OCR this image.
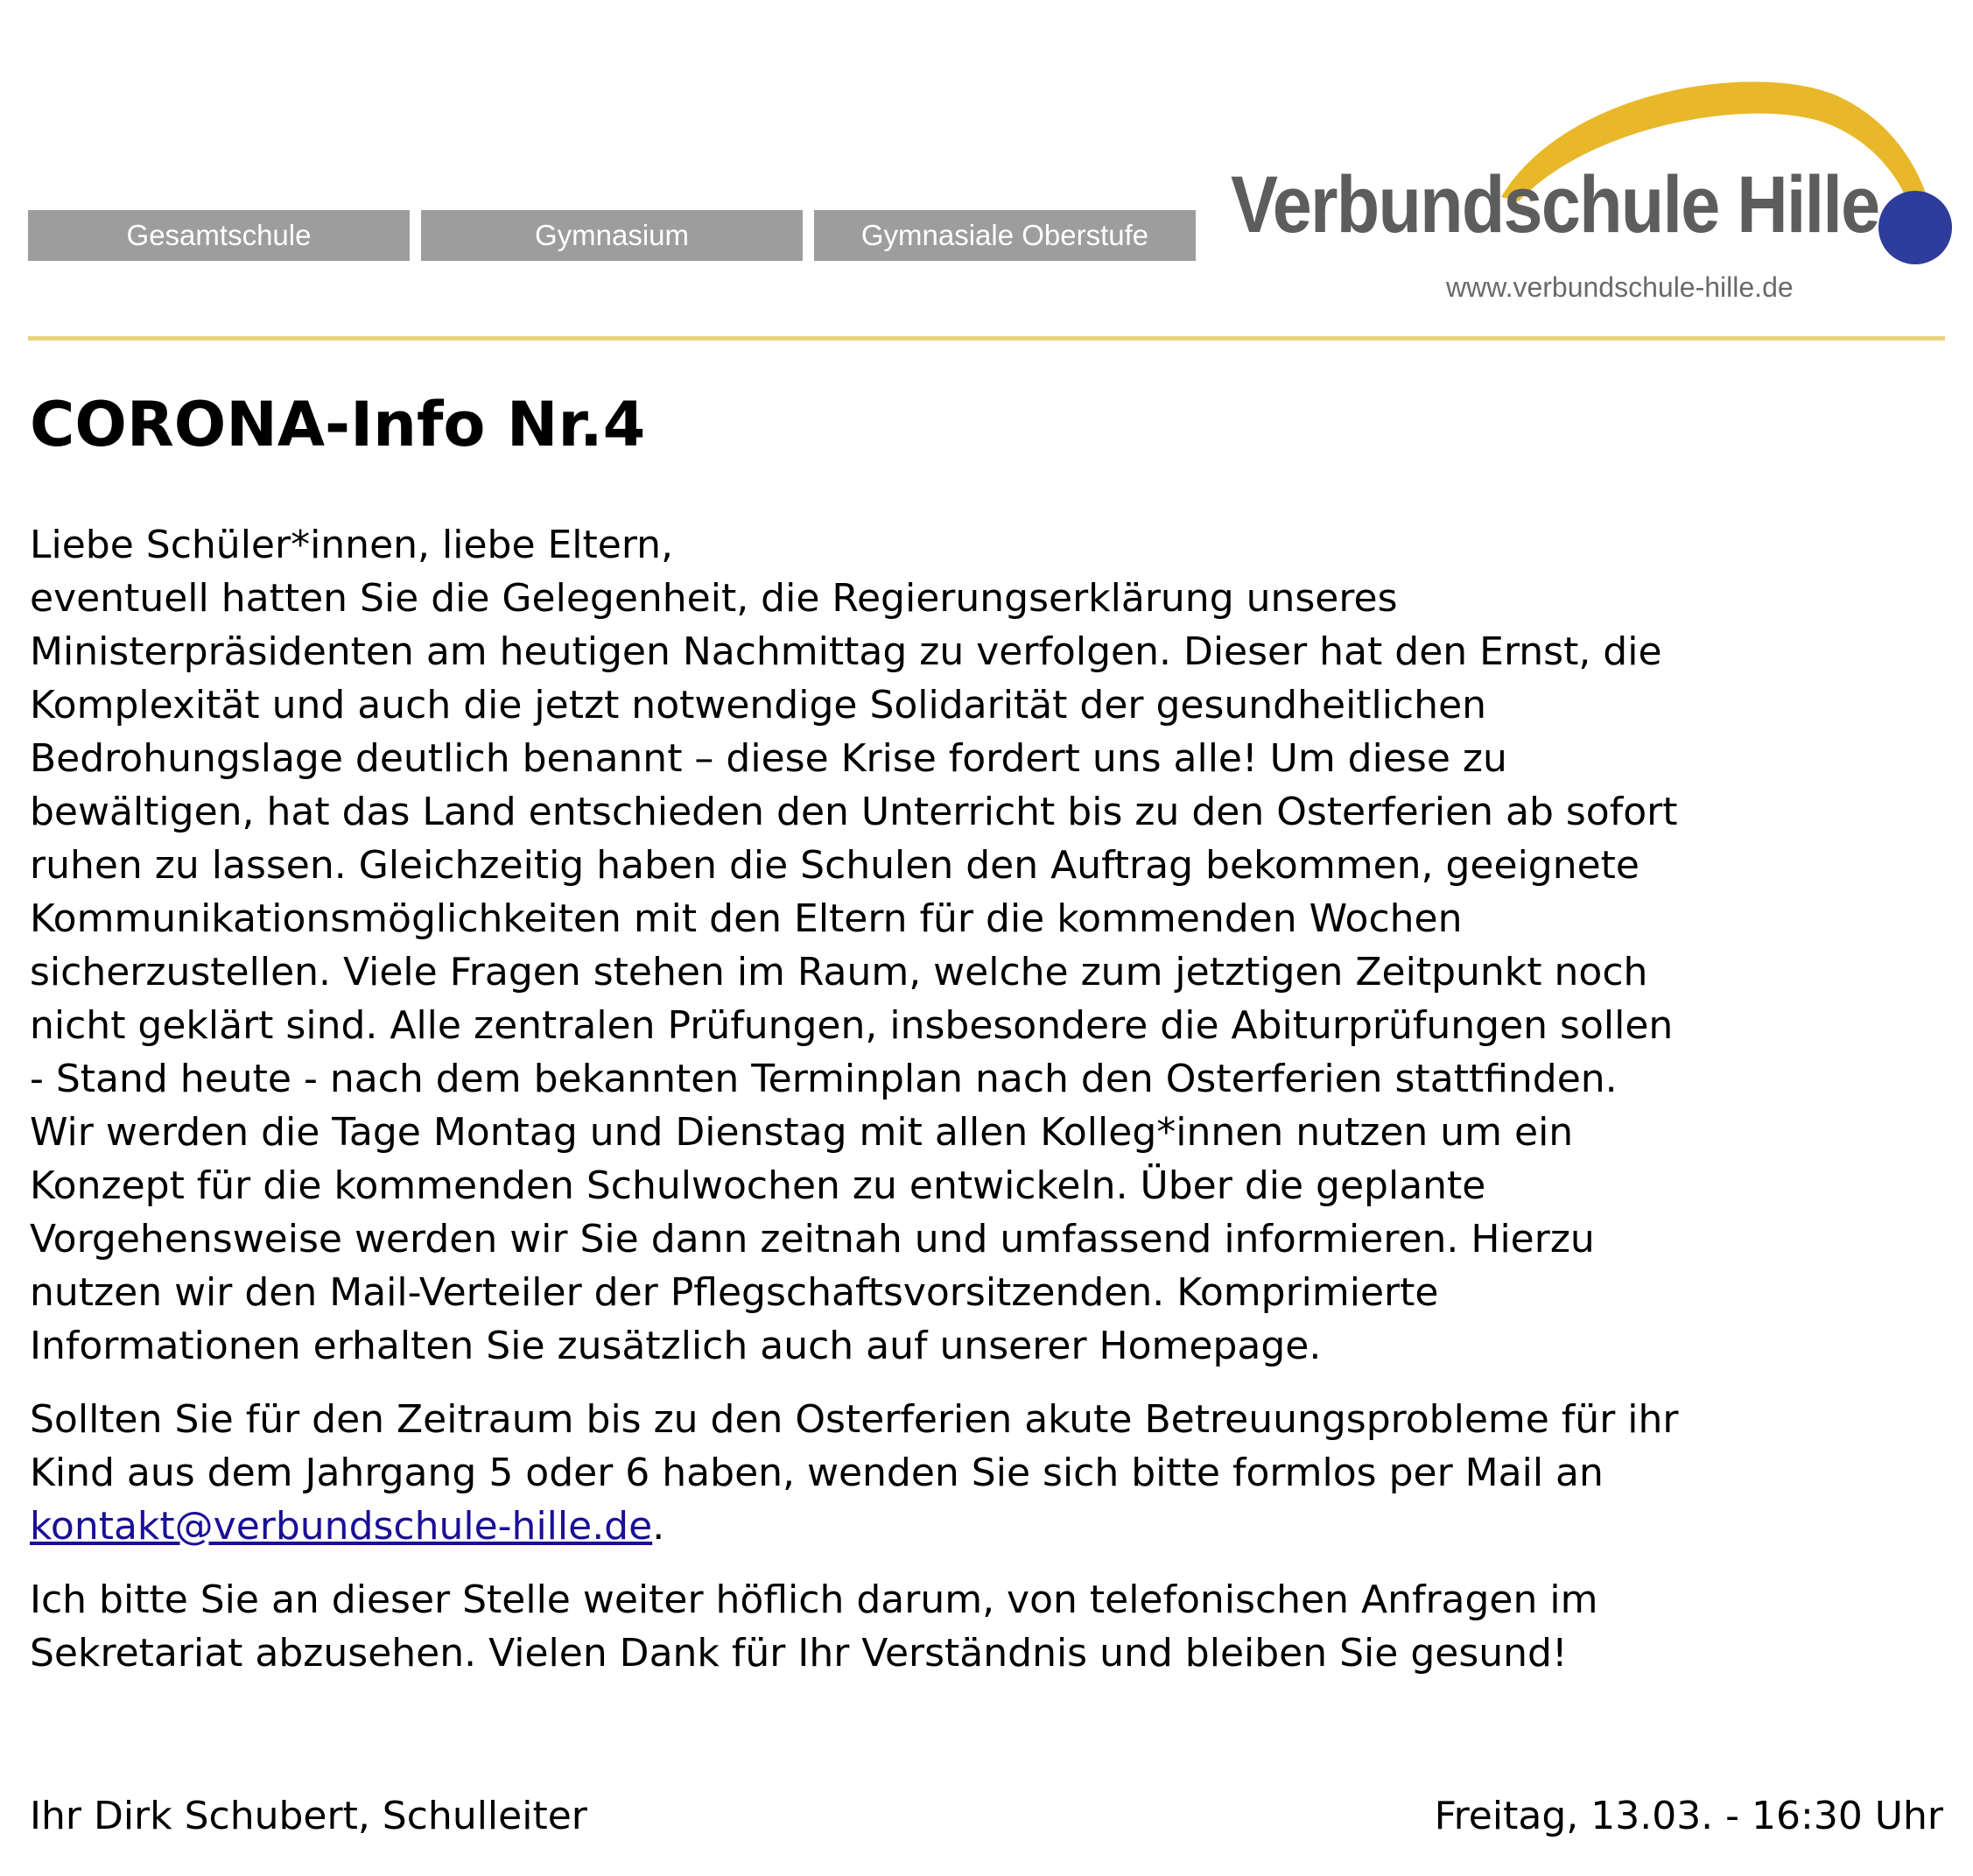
Gesamtschule	Gymnasium	Gymnasiale Oberstufe	Verbundschule Hille
www.verbundschule-hille.de
CORONA-Info Nr.4

Liebe Schüler*innen, liebe Eltern,

eventuell hatten Sie die Gelegenheit, die Regierungserklärung unseres

Ministerpräsidenten am heutigen Nachmittag zu verfolgen. Dieser hat den Ernst, die

Komplexität und auch die jetzt notwendige Solidarität der gesundheitlichen

Bedrohungslage deutlich benannt – diese Krise fordert uns alle! Um diese zu

bewältigen, hat das Land entschieden den Unterricht bis zu den Osterferien ab sofort

ruhen zu lassen. Gleichzeitig haben die Schulen den Auftrag bekommen, geeignete

Kommunikationsmöglichkeiten mit den Eltern für die kommenden Wochen

sicherzustellen. Viele Fragen stehen im Raum, welche zum jetztigen Zeitpunkt noch

nicht geklärt sind. Alle zentralen Prüfungen, insbesondere die Abiturprüfungen sollen

- Stand heute - nach dem bekannten Terminplan nach den Osterferien stattfinden.

Wir werden die Tage Montag und Dienstag mit allen Kolleg*innen nutzen um ein

Konzept für die kommenden Schulwochen zu entwickeln. Über die geplante

Vorgehensweise werden wir Sie dann zeitnah und umfassend informieren. Hierzu

nutzen wir den Mail-Verteiler der Pflegschaftsvorsitzenden. Komprimierte

Informationen erhalten Sie zusätzlich auch auf unserer Homepage.

Sollten Sie für den Zeitraum bis zu den Osterferien akute Betreuungsprobleme für ihr

Kind aus dem Jahrgang 5 oder 6 haben, wenden Sie sich bitte formlos per Mail an

kontakt@verbundschule-hille.de.

Ich bitte Sie an dieser Stelle weiter höflich darum, von telefonischen Anfragen im

Sekretariat abzusehen. Vielen Dank für Ihr Verständnis und bleiben Sie gesund!

Ihr Dirk Schubert, Schulleiter	Freitag, 13.03. - 16:30 Uhr
